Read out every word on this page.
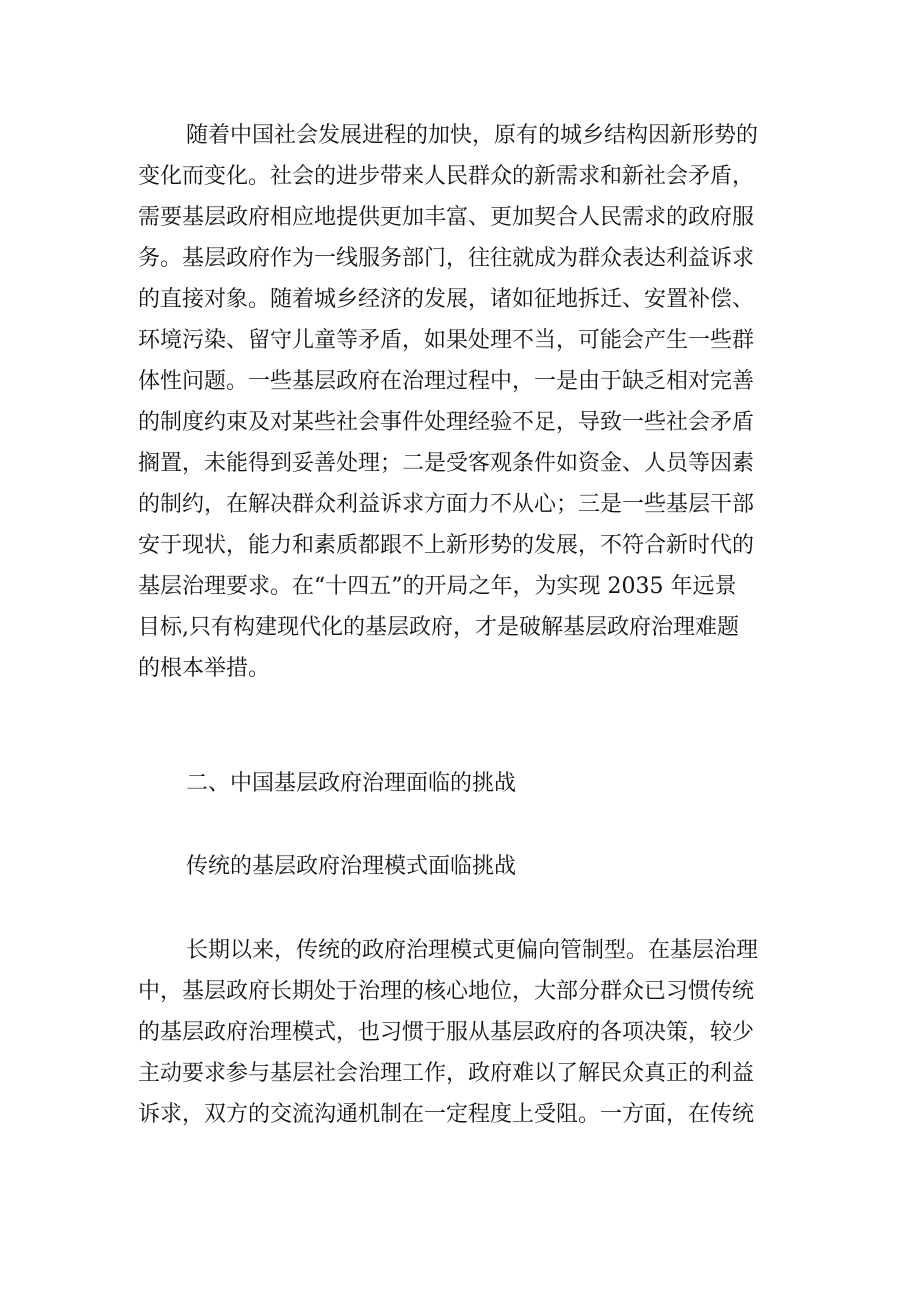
随着中国社会发展进程的加快，原有的城乡结构因新形势的
变化而变化。社会的进步带来人民群众的新需求和新社会矛盾，
需要基层政府相应地提供更加丰富、更加契合人民需求的政府服
务。基层政府作为一线服务部门，往往就成为群众表达利益诉求
的直接对象。随着城乡经济的发展，诸如征地拆迁、安置补偿、
环境污染、留守儿童等矛盾，如果处理不当，可能会产生一些群
体性问题。一些基层政府在治理过程中，一是由于缺乏相对完善
的制度约束及对某些社会事件处理经验不足，导致一些社会矛盾
搁置，未能得到妥善处理；二是受客观条件如资金、人员等因素
的制约，在解决群众利益诉求方面力不从心；三是一些基层干部
安于现状，能力和素质都跟不上新形势的发展，不符合新时代的
基层治理要求。在“十四五”的开局之年，为实现 2035 年远景
目标,只有构建现代化的基层政府，才是破解基层政府治理难题
的根本举措。

二、中国基层政府治理面临的挑战
传统的基层政府治理模式面临挑战

长期以来，传统的政府治理模式更偏向管制型。在基层治理
中，基层政府长期处于治理的核心地位，大部分群众已习惯传统
的基层政府治理模式，也习惯于服从基层政府的各项决策，较少
主动要求参与基层社会治理工作，政府难以了解民众真正的利益
诉求，双方的交流沟通机制在一定程度上受阻。一方面，在传统
